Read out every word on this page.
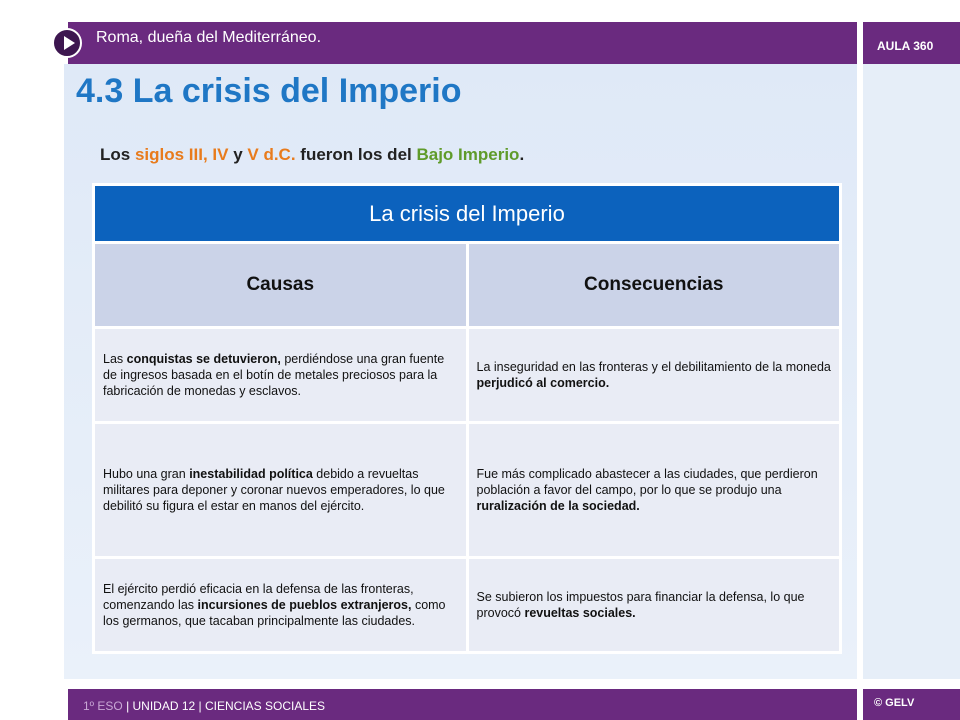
Roma, dueña del Mediterráneo.	AULA 360
4.3 La crisis del Imperio
Los siglos III, IV y V d.C. fueron los del Bajo Imperio.
La crisis del Imperio	
Causas	Consecuencias
Las conquistas se detuvieron, perdiéndose una gran fuente de ingresos basada en el botín de metales preciosos para la fabricación de monedas y esclavos.	La inseguridad en las fronteras y el debilitamiento de la moneda perjudicó al comercio.
Hubo una gran inestabilidad política debido a revueltas militares para deponer y coronar nuevos emperadores, lo que debilitó su figura el estar en manos del ejército.	Fue más complicado abastecer a las ciudades, que perdieron población a favor del campo, por lo que se produjo una ruralización de la sociedad.
El ejército perdió eficacia en la defensa de las fronteras, comenzando las incursiones de pueblos extranjeros, como los germanos, que tacaban principalmente las ciudades.	Se subieron los impuestos para financiar la defensa, lo que provocó revueltas sociales.
1º ESO | UNIDAD 12 | CIENCIAS SOCIALES	© GELV
